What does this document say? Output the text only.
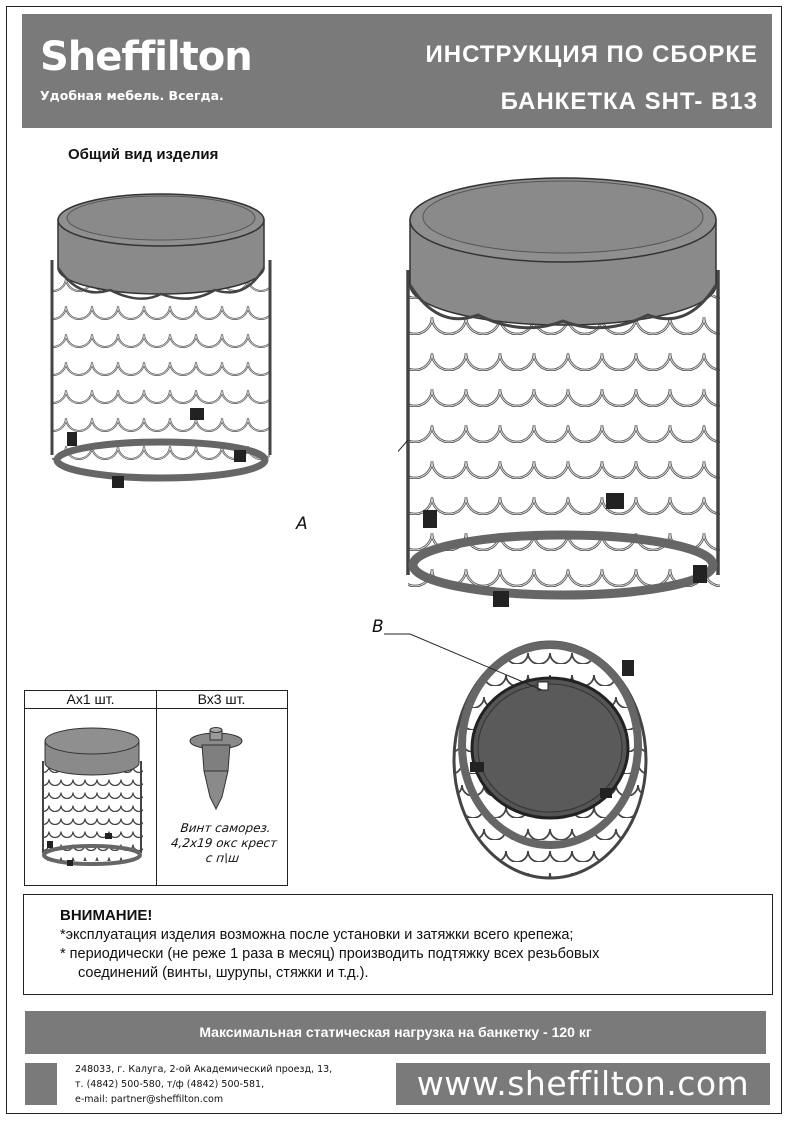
Sheffilton
Удобная мебель. Всегда.
ИНСТРУКЦИЯ ПО СБОРКЕ
БАНКЕТКА SHT- B13
Общий вид изделия
A
B
Ах1 шт.	Вх3 шт.
Винт саморез.
4,2х19 окс крест
с п\ш
ВНИМАНИЕ!
*эксплуатация изделия возможна после установки и затяжки всего крепежа;
* периодически (не реже 1 раза в месяц) производить подтяжку всех резьбовых
соединений (винты, шурупы, стяжки и т.д.).
Максимальная статическая нагрузка на банкетку - 120 кг
248033, г. Калуга, 2-ой Академический проезд, 13,
т. (4842) 500-580, т/ф (4842) 500-581,
e-mail: partner@sheffilton.com	www.sheffilton.com
